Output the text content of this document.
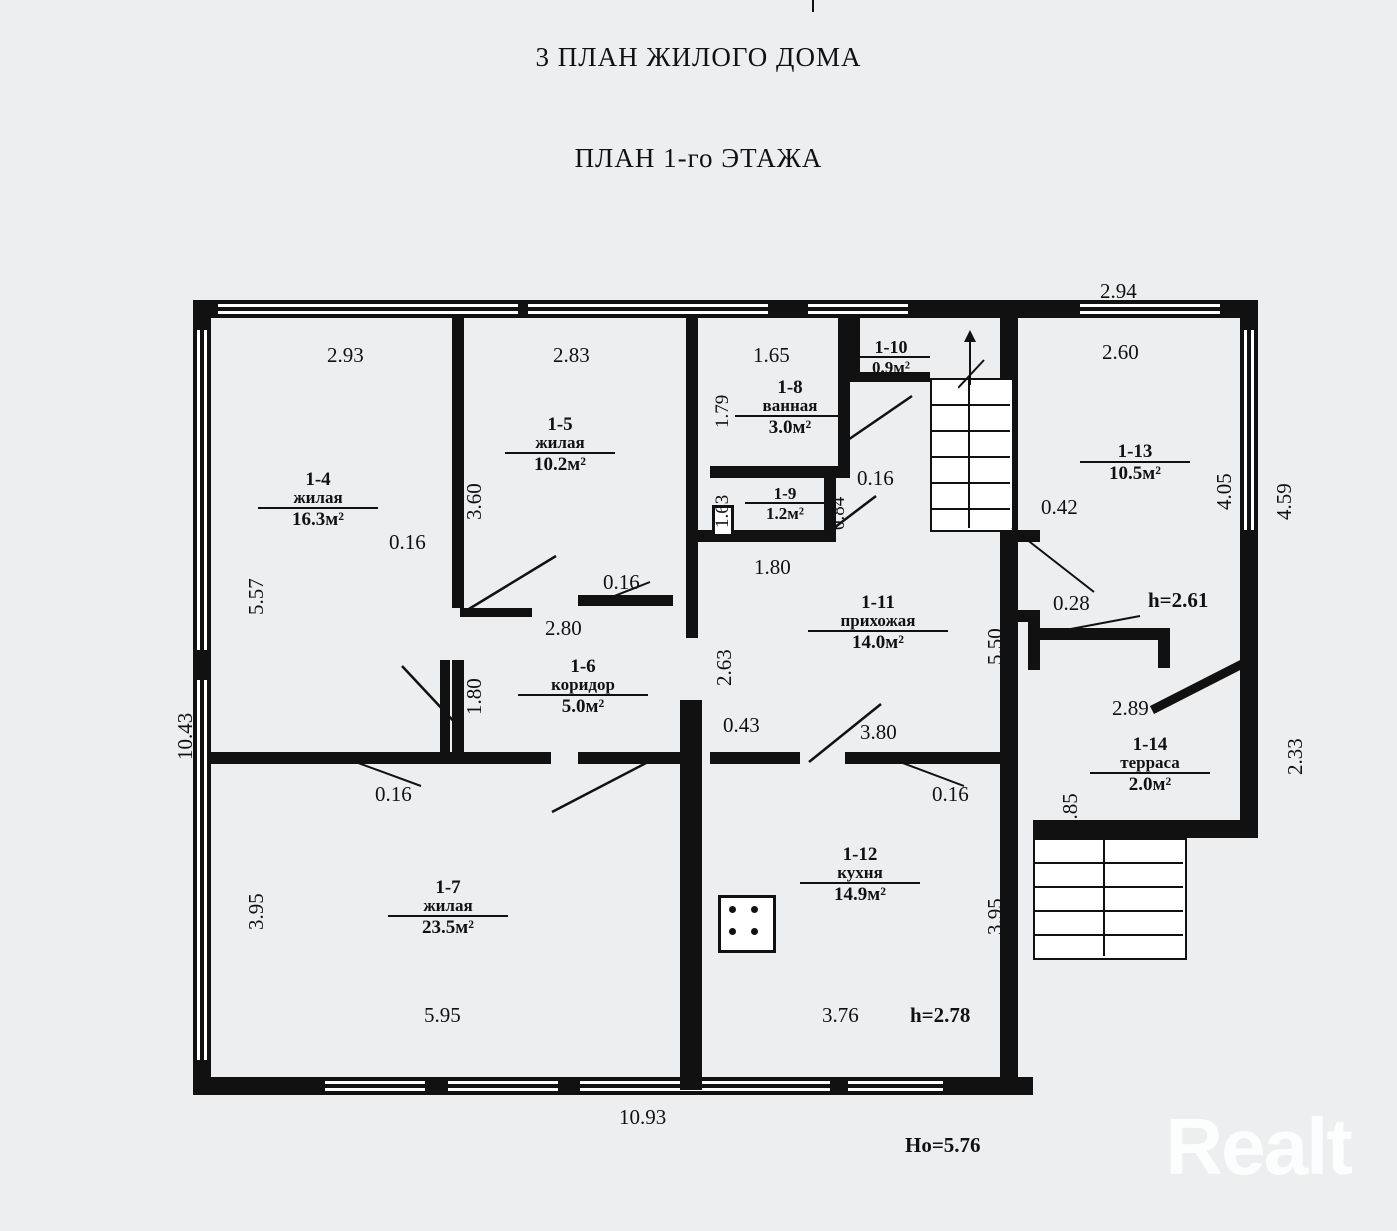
3 ПЛАН ЖИЛОГО ДОМА
ПЛАН 1-го ЭТАЖА
1-4
жилая
16.3м²
1-5
жилая
10.2м²
1-6
коридор
5.0м²
1-7
жилая
23.5м²
1-8
ванная
3.0м²
1-9
1.2м²
1-10
0.9м²
1-11
прихожая
14.0м²
1-12
кухня
14.9м²
1-13
10.5м²
1-14
терраса
2.0м²
2.93	2.83	1.65
2.94
2.60
0.16
0.16
0.16
1.80
2.80
0.16
0.43	3.80
0.16
0.42
0.28
2.89
5.95	3.76
10.93
10.43
5.57
3.60
1.80
1.79
1.63	0.84
2.63
3.95	3.95
5.50
5.85
4.05 4.59
2.33
h=2.61
h=2.78
Но=5.76 Realt
